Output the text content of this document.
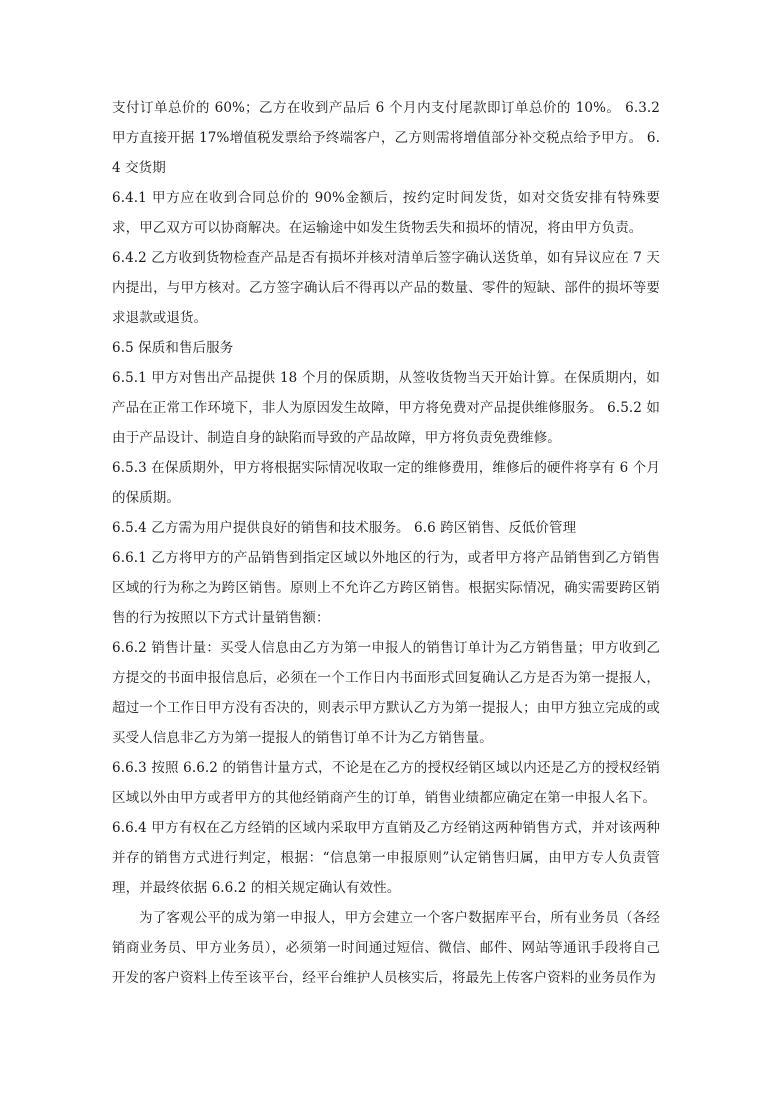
支付订单总价的 60%；乙方在收到产品后 6 个月内支付尾款即订单总价的 10%。 6.3.2 甲方直接开据 17%增值税发票给予终端客户，乙方则需将增值部分补交税点给予甲方。 6.4 交货期

6.4.1 甲方应在收到合同总价的 90%金额后，按约定时间发货，如对交货安排有特殊要求，甲乙双方可以协商解决。在运输途中如发生货物丢失和损坏的情况，将由甲方负责。

6.4.2 乙方收到货物检查产品是否有损坏并核对清单后签字确认送货单，如有异议应在 7 天内提出，与甲方核对。乙方签字确认后不得再以产品的数量、零件的短缺、部件的损坏等要求退款或退货。

6.5 保质和售后服务

6.5.1 甲方对售出产品提供 18 个月的保质期，从签收货物当天开始计算。在保质期内，如产品在正常工作环境下，非人为原因发生故障，甲方将免费对产品提供维修服务。 6.5.2 如由于产品设计、制造自身的缺陷而导致的产品故障，甲方将负责免费维修。

6.5.3 在保质期外，甲方将根据实际情况收取一定的维修费用，维修后的硬件将享有 6 个月的保质期。

6.5.4 乙方需为用户提供良好的销售和技术服务。 6.6 跨区销售、反低价管理

6.6.1 乙方将甲方的产品销售到指定区域以外地区的行为，或者甲方将产品销售到乙方销售区域的行为称之为跨区销售。原则上不允许乙方跨区销售。根据实际情况，确实需要跨区销售的行为按照以下方式计量销售额：

6.6.2 销售计量：买受人信息由乙方为第一申报人的销售订单计为乙方销售量；甲方收到乙方提交的书面申报信息后，必须在一个工作日内书面形式回复确认乙方是否为第一提报人，超过一个工作日甲方没有否决的，则表示甲方默认乙方为第一提报人；由甲方独立完成的或买受人信息非乙方为第一提报人的销售订单不计为乙方销售量。

6.6.3 按照 6.6.2 的销售计量方式，不论是在乙方的授权经销区域以内还是乙方的授权经销区域以外由甲方或者甲方的其他经销商产生的订单，销售业绩都应确定在第一申报人名下。

6.6.4 甲方有权在乙方经销的区域内采取甲方直销及乙方经销这两种销售方式，并对该两种并存的销售方式进行判定，根据：“信息第一申报原则”认定销售归属，由甲方专人负责管理，并最终依据 6.6.2 的相关规定确认有效性。

为了客观公平的成为第一申报人，甲方会建立一个客户数据库平台，所有业务员（各经销商业务员、甲方业务员），必须第一时间通过短信、微信、邮件、网站等通讯手段将自己开发的客户资料上传至该平台，经平台维护人员核实后，将最先上传客户资料的业务员作为
